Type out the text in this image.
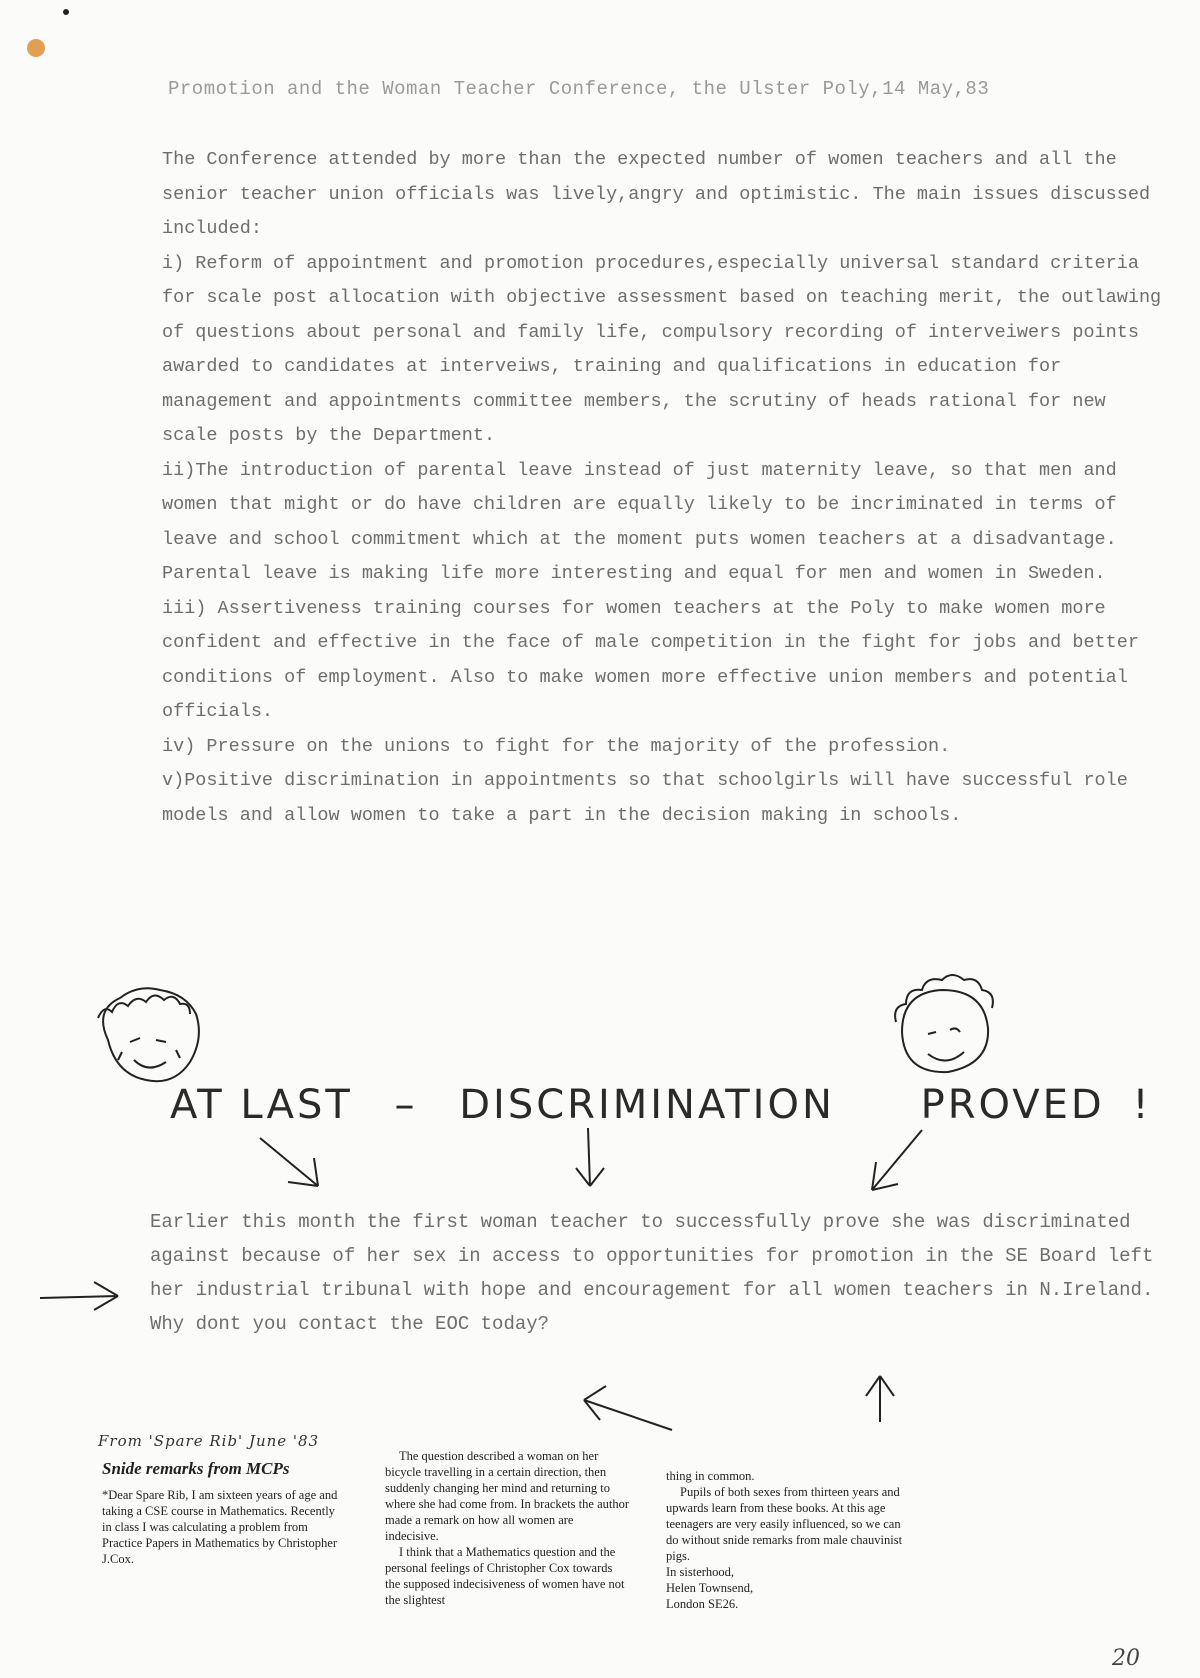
Promotion and the Woman Teacher Conference, the Ulster Poly,14 May,83

The Conference attended by more than the expected number of women teachers and all the senior teacher union officials was lively,angry and optimistic. The main issues discussed included:

i) Reform of appointment and promotion procedures,especially universal standard criteria for scale post allocation with objective assessment based on teaching merit, the outlawing of questions about personal and family life, compulsory recording of interveiwers points awarded to candidates at interveiws, training and qualifications in education for management and appointments committee members, the scrutiny of heads rational for new scale posts by the Department.

ii)The introduction of parental leave instead of just maternity leave, so that men and women that might or do have children are equally likely to be incriminated in terms of leave and school commitment which at the moment puts women teachers at a disadvantage. Parental leave is making life more interesting and equal for men and women in Sweden.

iii) Assertiveness training courses for women teachers at the Poly to make women more confident and effective in the face of male competition in the fight for jobs and better conditions of employment. Also to make women more effective union members and potential officials.

iv) Pressure on the unions to fight for the majority of the profession.

v)Positive discrimination in appointments so that schoolgirls will have successful role models and allow women to take a part in the decision making in schools.

AT LAST – DISCRIMINATION PROVED !

Earlier this month the first woman teacher to successfully prove she was discriminated against because of her sex in access to opportunities for promotion in the SE Board left her industrial tribunal with hope and encouragement for all women teachers in N.Ireland. Why dont you contact the EOC today?

From 'Spare Rib' June '83
Snide remarks from MCPs

*Dear Spare Rib, I am sixteen years of age and taking a CSE course in Mathematics. Recently in class I was calculating a problem from Practice Papers in Mathematics by Christopher J.Cox.

The question described a woman on her bicycle travelling in a certain direction, then suddenly changing her mind and returning to where she had come from. In brackets the author made a remark on how all women are indecisive.

I think that a Mathematics question and the personal feelings of Christopher Cox towards the supposed indecisiveness of women have not the slightest

thing in common.

Pupils of both sexes from thirteen years and upwards learn from these books. At this age teenagers are very easily influenced, so we can do without snide remarks from male chauvinist pigs.

In sisterhood,

Helen Townsend,

London SE26.

20
